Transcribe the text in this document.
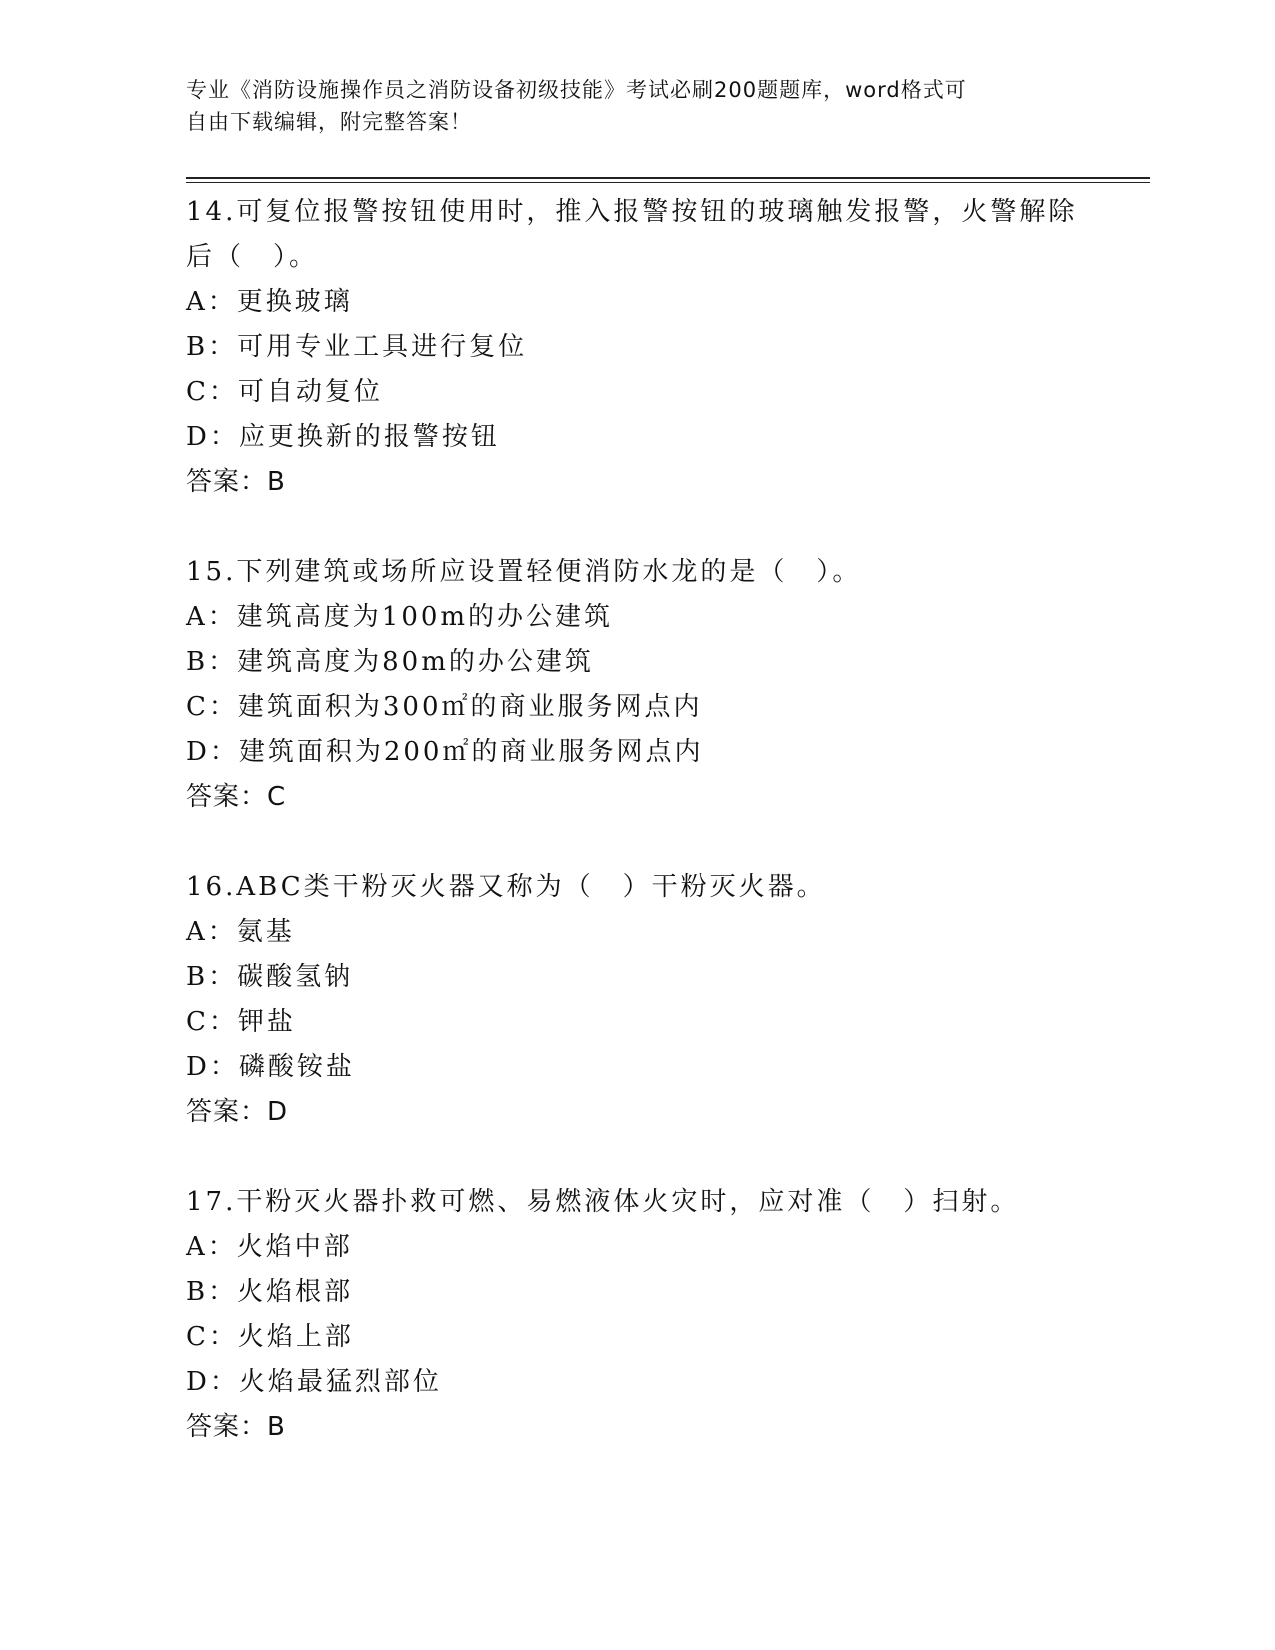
专业《消防设施操作员之消防设备初级技能》考试必刷200题题库，word格式可
自由下载编辑，附完整答案！

14.可复位报警按钮使用时，推入报警按钮的玻璃触发报警，火警解除

后（　）。

A：更换玻璃

B：可用专业工具进行复位

C：可自动复位

D：应更换新的报警按钮

答案：B

15.下列建筑或场所应设置轻便消防水龙的是（　）。

A：建筑高度为100m的办公建筑

B：建筑高度为80m的办公建筑

C：建筑面积为300㎡的商业服务网点内

D：建筑面积为200㎡的商业服务网点内

答案：C

16.ABC类干粉灭火器又称为（　）干粉灭火器。

A：氨基

B：碳酸氢钠

C：钾盐

D：磷酸铵盐

答案：D

17.干粉灭火器扑救可燃、易燃液体火灾时，应对准（　）扫射。

A：火焰中部

B：火焰根部

C：火焰上部

D：火焰最猛烈部位

答案：B
